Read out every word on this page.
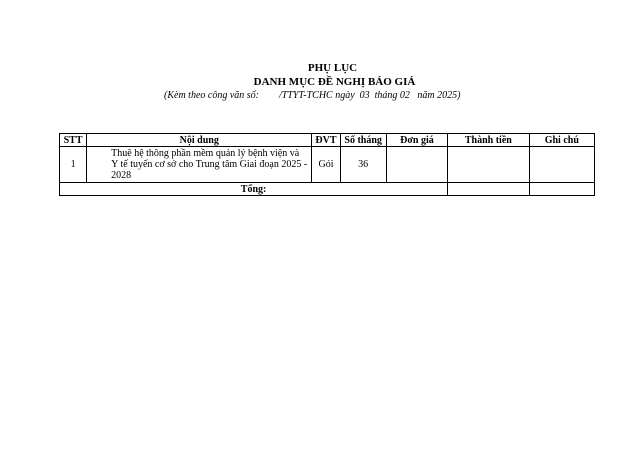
PHỤ LỤC
DANH MỤC ĐỀ NGHỊ BÁO GIÁ
(Kèm theo công văn số:        /TTYT-TCHC ngày  03  tháng 02   năm 2025)
STT	Nội dung	ĐVT	Số tháng	Đơn giá	Thành tiền	Ghi chú
1	Thuê hệ thông phần mềm quản lý bệnh viện và Y tế tuyến cơ sở cho Trung tâm Giai đoạn 2025 - 2028	Gói	36			
Tổng:						
